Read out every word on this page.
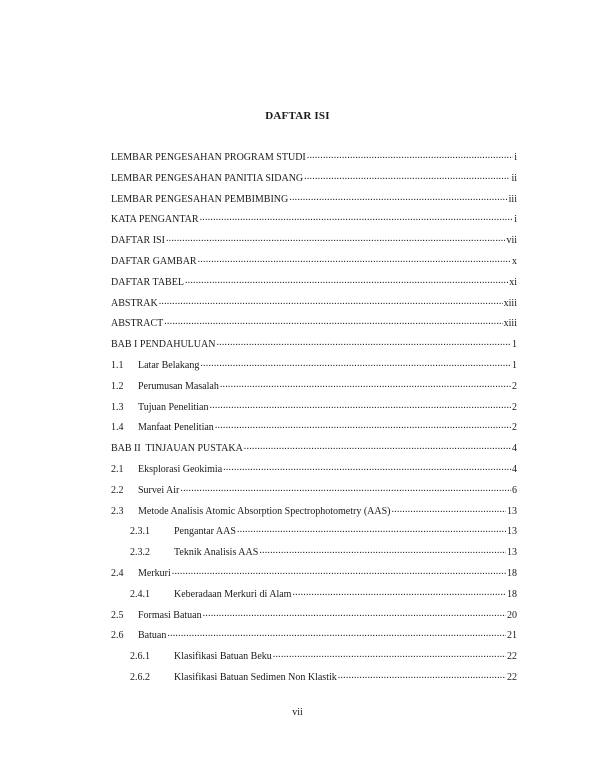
DAFTAR ISI
LEMBAR PENGESAHAN PROGRAM STUDI .....	i
LEMBAR PENGESAHAN PANITIA SIDANG .....	ii
LEMBAR PENGESAHAN PEMBIMBING .....	iii
KATA PENGANTAR .....	i
DAFTAR ISI .....	vii
DAFTAR GAMBAR .....	x
DAFTAR TABEL .....	xi
ABSTRAK .....	xiii
ABSTRACT .....	xiii
BAB I PENDAHULUAN .....	1
1.1	Latar Belakang .....	1
1.2	Perumusan Masalah .....	2
1.3	Tujuan Penelitian .....	2
1.4	Manfaat Penelitian .....	2
BAB II  TINJAUAN PUSTAKA .....	4
2.1	Eksplorasi Geokimia .....	4
2.2	Survei Air .....	6
2.3	Metode Analisis Atomic Absorption Spectrophotometry (AAS) .....	13
2.3.1	Pengantar AAS .....	13
2.3.2	Teknik Analisis AAS .....	13
2.4	Merkuri .....	18
2.4.1	Keberadaan Merkuri di Alam .....	18
2.5	Formasi Batuan .....	20
2.6	Batuan .....	21
2.6.1	Klasifikasi Batuan Beku .....	22
2.6.2	Klasifikasi Batuan Sedimen Non Klastik .....	22
vii
